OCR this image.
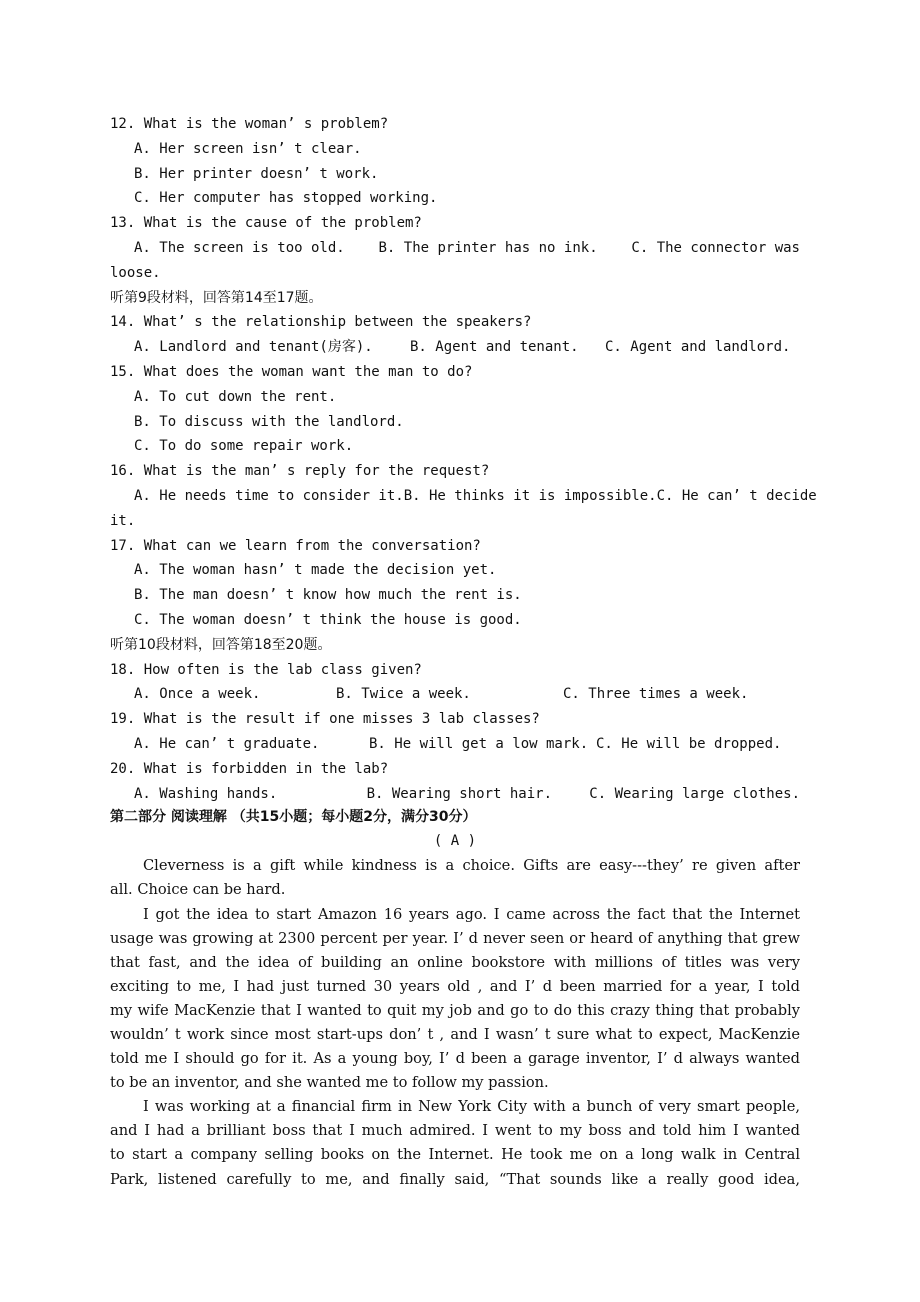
12. What is the woman’ s problem?
A. Her screen isn’ t clear.
B. Her printer doesn’ t work.
C. Her computer has stopped working.
13. What is the cause of the problem?
A. The screen is too old. B. The printer has no ink. C. The connector was
loose.
听第9段材料，回答第14至17题。
14. What’ s the relationship between the speakers?
A. Landlord and tenant(房客).	B. Agent and tenant.	C. Agent and landlord.
15. What does the woman want the man to do?
A. To cut down the rent.
B. To discuss with the landlord.
C. To do some repair work.
16. What is the man’ s reply for the request?
A. He needs time to consider it. B. He thinks it is impossible. C. He can’ t decide
it.
17. What can we learn from the conversation?
A. The woman hasn’ t made the decision yet.
B. The man doesn’ t know how much the rent is.
C. The woman doesn’ t think the house is good.
听第10段材料，回答第18至20题。
18. How often is the lab class given?
A. Once a week.	B. Twice a week.	C. Three times a week.
19. What is the result if one misses 3 lab classes?
A. He can’ t graduate.	B. He will get a low mark. C. He will be dropped.
20. What is forbidden in the lab?
A. Washing hands.	B. Wearing short hair.	C. Wearing large clothes.
第二部分 阅读理解 （共15小题；每小题2分，满分30分）
( A )
Cleverness is a gift while kindness is a choice. Gifts are easy---they’ re given after
all. Choice can be hard.
I got the idea to start Amazon 16 years ago. I came across the fact that the Internet
usage was growing at 2300 percent per year. I’ d never seen or heard of anything that grew
that fast, and the idea of building an online bookstore with millions of titles was very
exciting to me, I had just turned 30 years old , and I’ d been married for a year, I told
my wife MacKenzie that I wanted to quit my job and go to do this crazy thing that probably
wouldn’ t work since most start-ups don’ t , and I wasn’ t sure what to expect, MacKenzie
told me I should go for it. As a young boy, I’ d been a garage inventor, I’ d always wanted
to be an inventor, and she wanted me to follow my passion.
I was working at a financial firm in New York City with a bunch of very smart people,
and I had a brilliant boss that I much admired. I went to my boss and told him I wanted
to start a company selling books on the Internet. He took me on a long walk in Central
Park, listened carefully to me, and finally said, “That sounds like a really good idea,
